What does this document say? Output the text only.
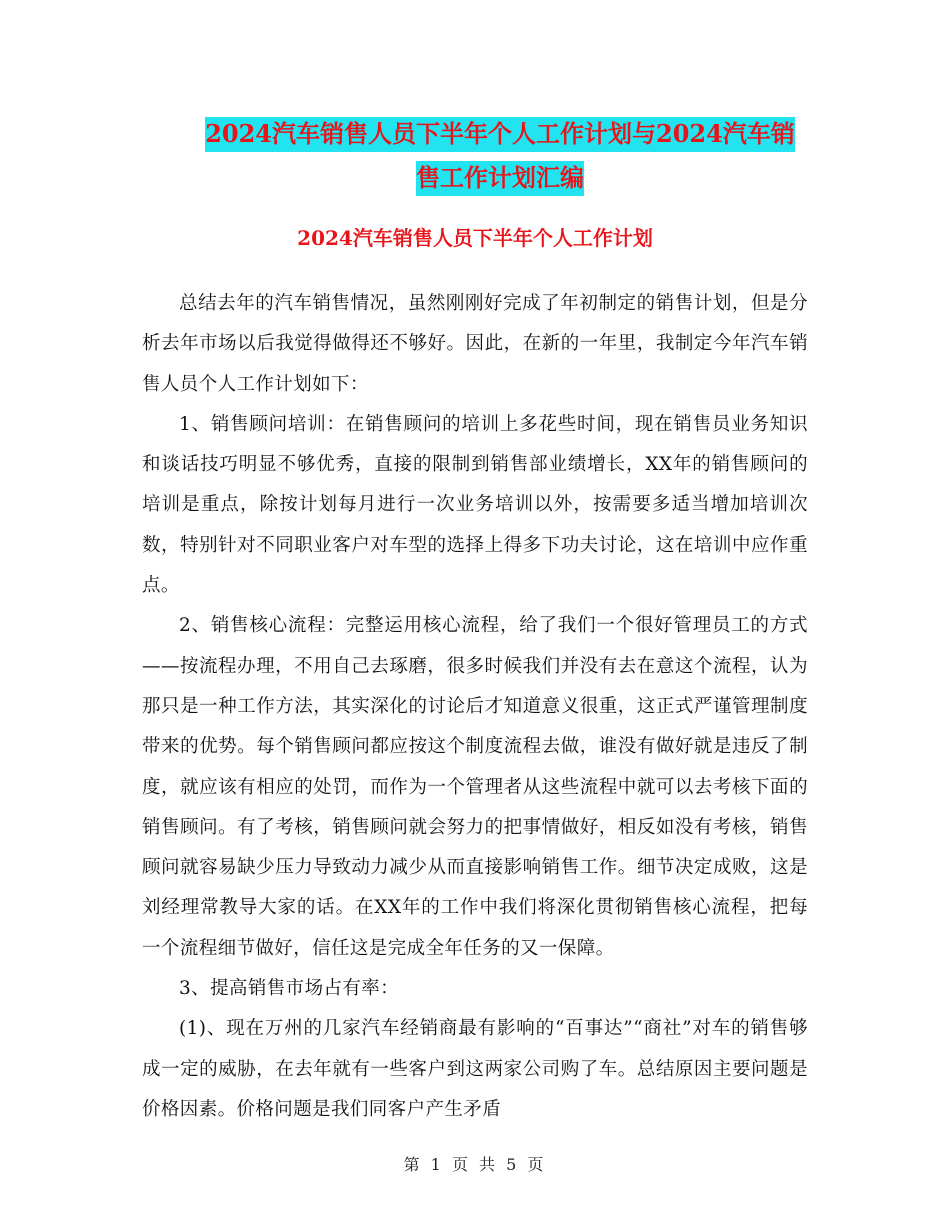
2024汽车销售人员下半年个人工作计划与2024汽车销
售工作计划汇编
2024汽车销售人员下半年个人工作计划

总结去年的汽车销售情况，虽然刚刚好完成了年初制定的销售计划，但是分析去年市场以后我觉得做得还不够好。因此，在新的一年里，我制定今年汽车销售人员个人工作计划如下：

1、销售顾问培训：在销售顾问的培训上多花些时间，现在销售员业务知识和谈话技巧明显不够优秀，直接的限制到销售部业绩增长，XX年的销售顾问的培训是重点，除按计划每月进行一次业务培训以外，按需要多适当增加培训次数，特别针对不同职业客户对车型的选择上得多下功夫讨论，这在培训中应作重点。

2、销售核心流程：完整运用核心流程，给了我们一个很好管理员工的方式——按流程办理，不用自己去琢磨，很多时候我们并没有去在意这个流程，认为那只是一种工作方法，其实深化的讨论后才知道意义很重，这正式严谨管理制度带来的优势。每个销售顾问都应按这个制度流程去做，谁没有做好就是违反了制度，就应该有相应的处罚，而作为一个管理者从这些流程中就可以去考核下面的销售顾问。有了考核，销售顾问就会努力的把事情做好，相反如没有考核，销售顾问就容易缺少压力导致动力减少从而直接影响销售工作。细节决定成败，这是刘经理常教导大家的话。在XX年的工作中我们将深化贯彻销售核心流程，把每一个流程细节做好，信任这是完成全年任务的又一保障。

3、提高销售市场占有率：

(1)、现在万州的几家汽车经销商最有影响的“百事达”“商社”对车的销售够成一定的威胁，在去年就有一些客户到这两家公司购了车。总结原因主要问题是价格因素。价格问题是我们同客户产生矛盾

第 1 页 共 5 页
